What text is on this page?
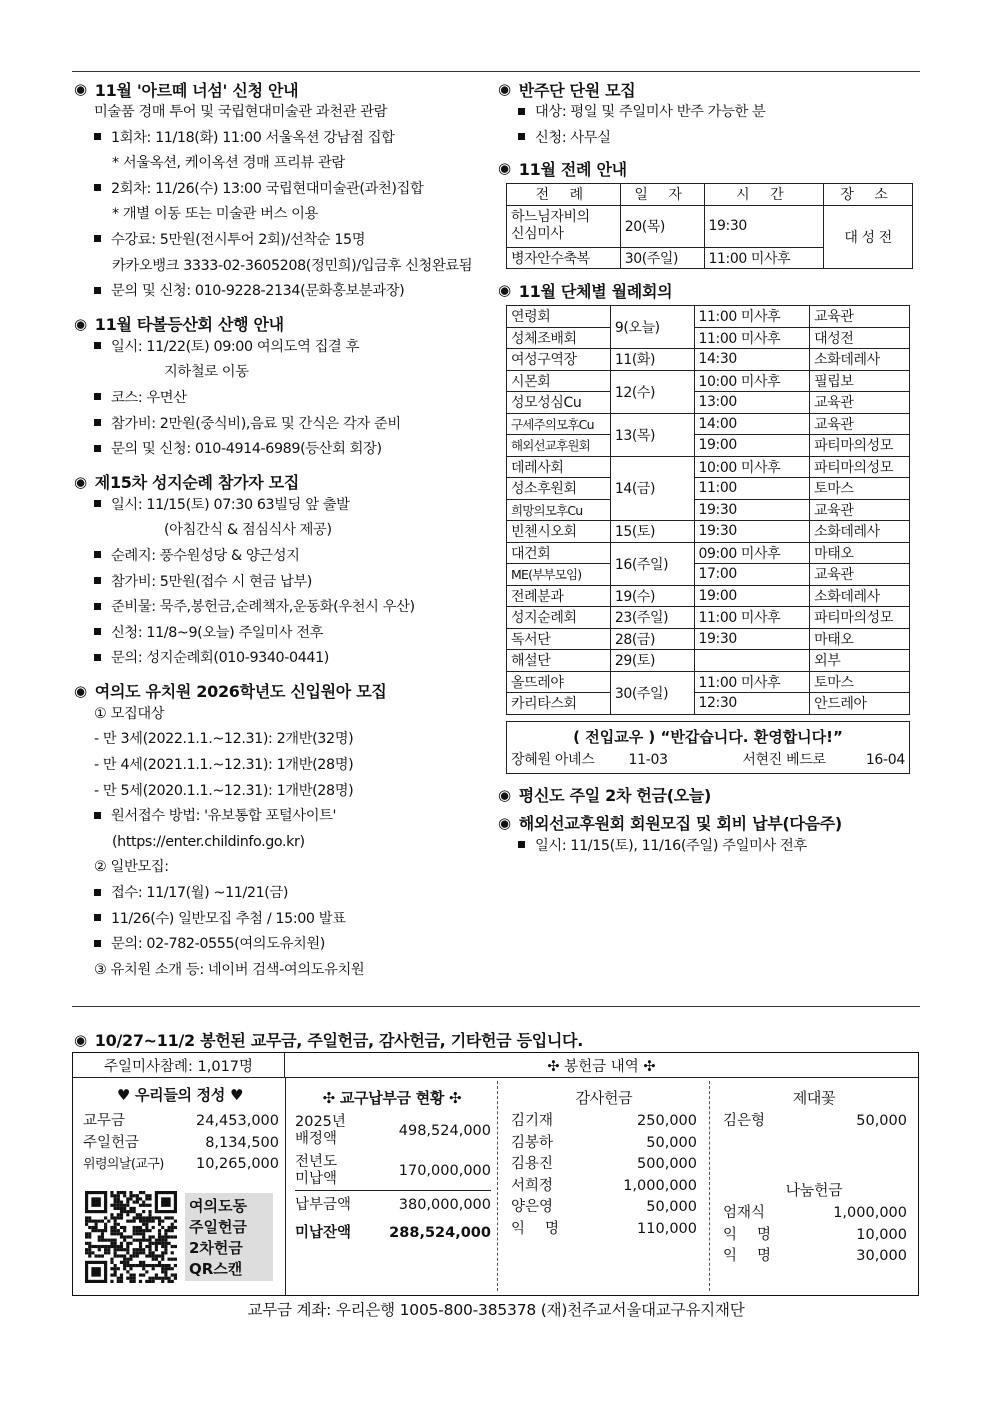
◉ 11월 '아르떼 너섬' 신청 안내
미술품 경매 투어 및 국립현대미술관 과천관 관람
1회차: 11/18(화) 11:00 서울옥션 강남점 집합
* 서울옥션, 케이옥션 경매 프리뷰 관람
2회차: 11/26(수) 13:00 국립현대미술관(과천)집합
* 개별 이동 또는 미술관 버스 이용
수강료: 5만원(전시투어 2회)/선착순 15명
카카오뱅크 3333-02-3605208(정민희)/입금후 신청완료됨
문의 및 신청: 010-9228-2134(문화홍보분과장)
◉ 11월 타볼등산회 산행 안내
일시: 11/22(토) 09:00 여의도역 집결 후
지하철로 이동
코스: 우면산
참가비: 2만원(중식비),음료 및 간식은 각자 준비
문의 및 신청: 010-4914-6989(등산회 회장)
◉ 제15차 성지순례 참가자 모집
일시: 11/15(토) 07:30 63빌딩 앞 출발
(아침간식 & 점심식사 제공)
순례지: 풍수원성당 & 양근성지
참가비: 5만원(접수 시 현금 납부)
준비물: 묵주,봉헌금,순례책자,운동화(우천시 우산)
신청: 11/8~9(오늘) 주일미사 전후
문의: 성지순례회(010-9340-0441)
◉ 여의도 유치원 2026학년도 신입원아 모집
① 모집대상
- 만 3세(2022.1.1.~12.31): 2개반(32명)
- 만 4세(2021.1.1.~12.31): 1개반(28명)
- 만 5세(2020.1.1.~12.31): 1개반(28명)
원서접수 방법: '유보통합 포털사이트'
(https://enter.childinfo.go.kr)
② 일반모집:
접수: 11/17(월) ~11/21(금)
11/26(수) 일반모집 추첨 / 15:00 발표
문의: 02-782-0555(여의도유치원)
③ 유치원 소개 등: 네이버 검색-여의도유치원
◉ 반주단 단원 모집
대상: 평일 및 주일미사 반주 가능한 분
신청: 사무실
◉ 11월 전례 안내
전 례	일 자	시 간	장 소
하느님자비의 신심미사	20(목)	19:30	대 성 전
병자안수축복	30(주일)	11:00 미사후	
◉ 11월 단체별 월례회의
연령회	9(오늘)	11:00 미사후	교육관
성체조배회		11:00 미사후	대성전
여성구역장	11(화)	14:30	소화데레사
시몬회	12(수)	10:00 미사후	필립보
성모성심Cu		13:00	교육관
구세주의모후Cu	13(목)	14:00	교육관
해외선교후원회		19:00	파티마의성모
데레사회	14(금)	10:00 미사후	파티마의성모
성소후원회		11:00	토마스
희망의모후Cu		19:30	교육관
빈첸시오회	15(토)	19:30	소화데레사
대건회	16(주일)	09:00 미사후	마태오
ME(부부모임)		17:00	교육관
전례분과	19(수)	19:00	소화데레사
성지순례회	23(주일)	11:00 미사후	파티마의성모
독서단	28(금)	19:30	마태오
해설단	29(토)		외부
올뜨레야	30(주일)	11:00 미사후	토마스
카리타스회		12:30	안드레아
( 전입교우 ) “반갑습니다. 환영합니다!”
장혜원 아녜스 11-03	서현진 베드로	16-04
◉ 평신도 주일 2차 헌금(오늘)
◉ 해외선교후원회 회원모집 및 회비 납부(다음주)
일시: 11/15(토), 11/16(주일) 주일미사 전후
◉ 10/27~11/2 봉헌된 교무금, 주일헌금, 감사헌금, 기타헌금 등입니다.
주일미사참례: 1,017명	✣ 봉헌금 내역 ✣
♥ 우리들의 정성 ♥
교무금	24,453,000
주일헌금	8,134,500
위령의날(교구)	10,265,000
여의도동
주일헌금
2차헌금
QR스캔
✣ 교구납부금 현황 ✣
2025년
배정액	498,524,000
전년도
미납액	170,000,000
납부금액	380,000,000
미납잔액	288,524,000
감사헌금
김기재	250,000
김봉하	50,000
김용진	500,000
서희정	1,000,000
양은영	50,000
익 명	110,000
제대꽃
김은형	50,000
나눔헌금
엄재식	1,000,000
익 명	10,000
익 명	30,000
교무금 계좌: 우리은행 1005-800-385378 (재)천주교서울대교구유지재단
